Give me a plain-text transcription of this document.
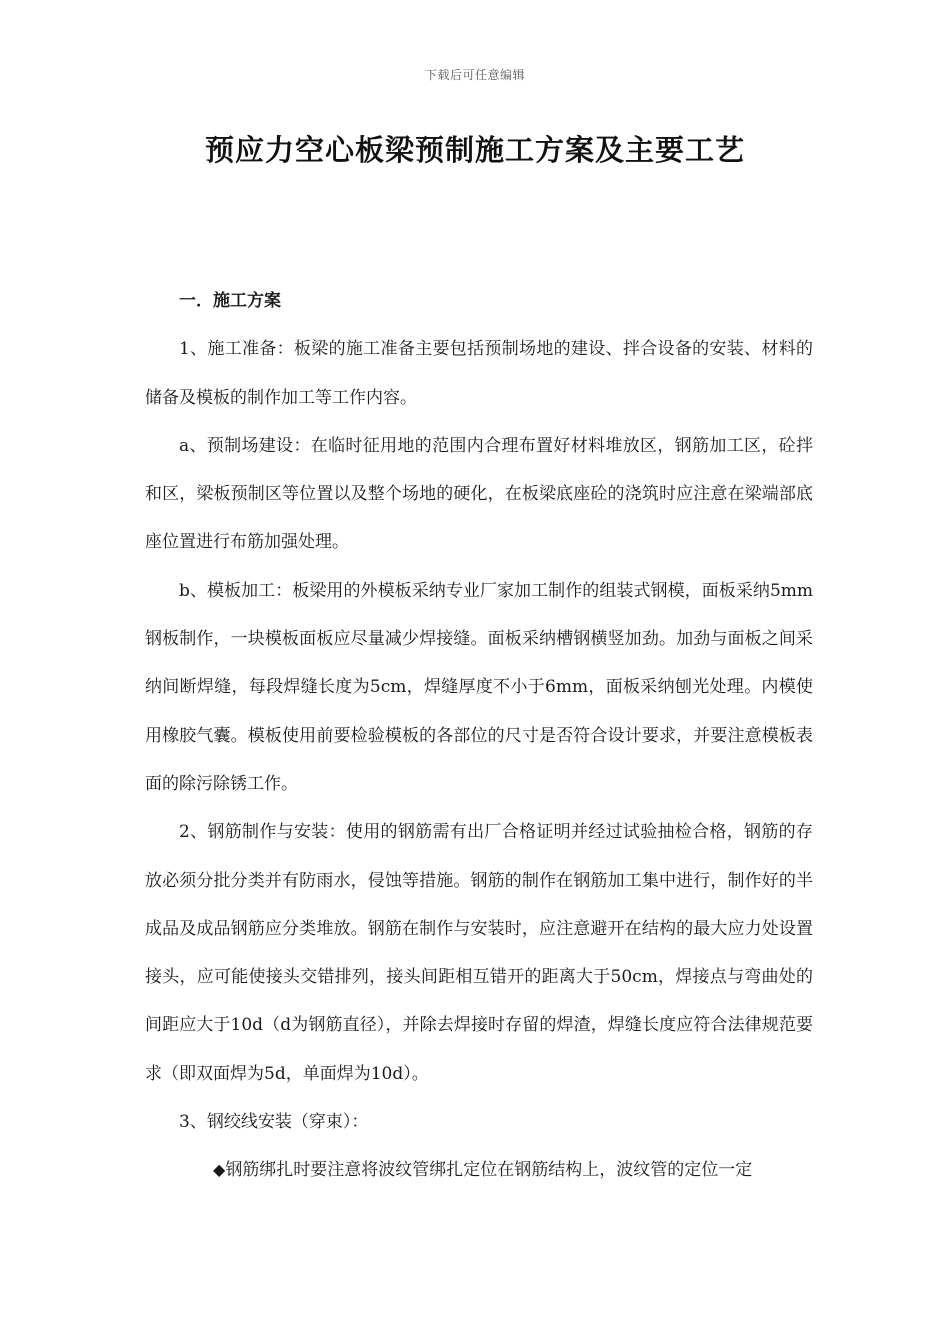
下载后可任意编辑
预应力空心板梁预制施工方案及主要工艺

一．施工方案

1、施工准备：板梁的施工准备主要包括预制场地的建设、拌合设备的安装、材料的储备及模板的制作加工等工作内容。

a、预制场建设：在临时征用地的范围内合理布置好材料堆放区，钢筋加工区，砼拌和区，梁板预制区等位置以及整个场地的硬化，在板梁底座砼的浇筑时应注意在梁端部底座位置进行布筋加强处理。

b、模板加工：板梁用的外模板采纳专业厂家加工制作的组装式钢模，面板采纳5mm钢板制作，一块模板面板应尽量减少焊接缝。面板采纳槽钢横竖加劲。加劲与面板之间采纳间断焊缝，每段焊缝长度为5cm，焊缝厚度不小于6mm，面板采纳刨光处理。内模使用橡胶气囊。模板使用前要检验模板的各部位的尺寸是否符合设计要求，并要注意模板表面的除污除锈工作。

2、钢筋制作与安装：使用的钢筋需有出厂合格证明并经过试验抽检合格，钢筋的存放必须分批分类并有防雨水，侵蚀等措施。钢筋的制作在钢筋加工集中进行，制作好的半成品及成品钢筋应分类堆放。钢筋在制作与安装时，应注意避开在结构的最大应力处设置接头，应可能使接头交错排列，接头间距相互错开的距离大于50cm，焊接点与弯曲处的间距应大于10d（d为钢筋直径），并除去焊接时存留的焊渣，焊缝长度应符合法律规范要求（即双面焊为5d，单面焊为10d）。

3、钢绞线安装（穿束）：

◆钢筋绑扎时要注意将波纹管绑扎定位在钢筋结构上，波纹管的定位一定
